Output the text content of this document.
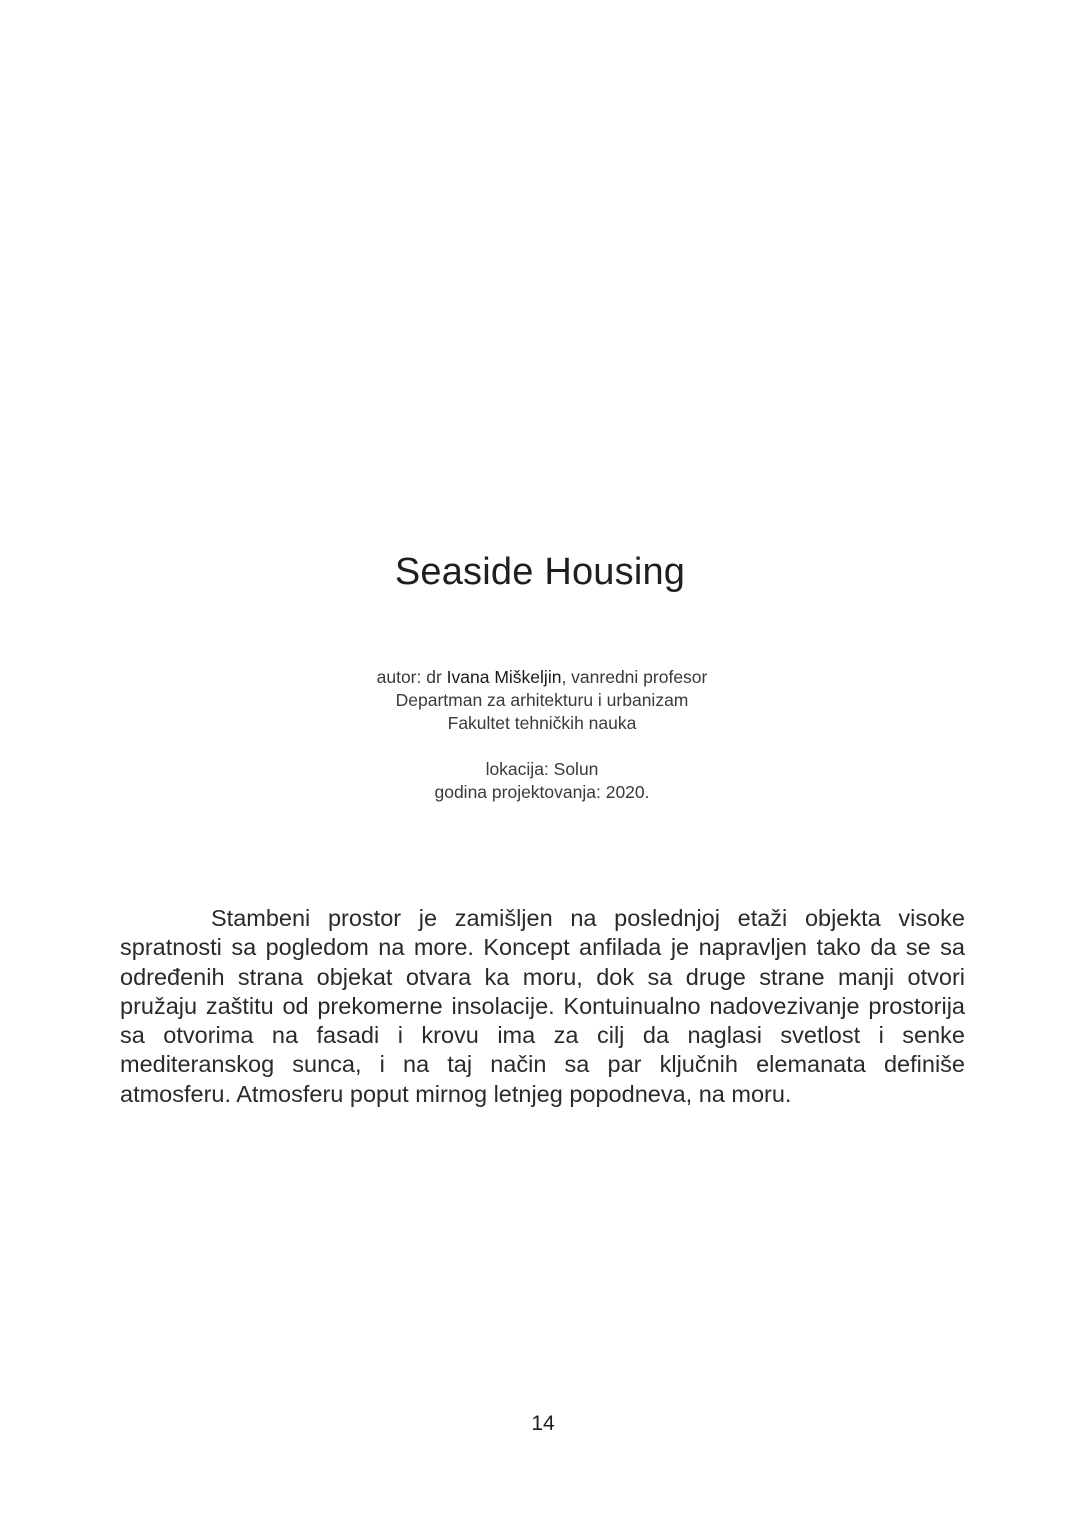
Seaside Housing
autor: dr Ivana Miškeljin, vanredni profesor
Departman za arhitekturu i urbanizam
Fakultet tehničkih nauka
lokacija: Solun
godina projektovanja: 2020.

Stambeni prostor je zamišljen na poslednjoj etaži objekta visoke spratnosti sa pogledom na more. Koncept anfilada je napravljen tako da se sa određenih strana objekat otvara ka moru, dok sa druge strane manji otvori pružaju zaštitu od prekomerne insolacije. Kontuinualno nadovezivanje prostorija sa otvorima na fasadi i krovu ima za cilj da naglasi svetlost i senke mediteranskog sunca, i na taj način sa par ključnih elemanata definiše atmosferu. Atmosferu poput mirnog letnjeg popodneva, na moru.

14
